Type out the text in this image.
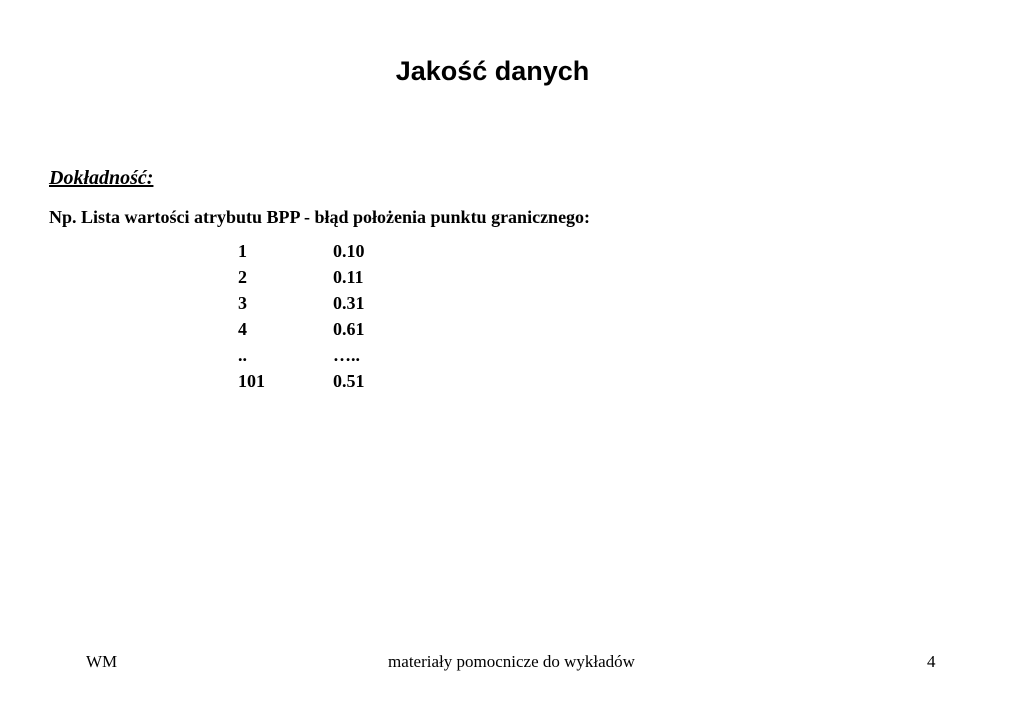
Jakość danych
Dokładność:
Np. Lista wartości atrybutu BPP - błąd położenia punktu granicznego:
1	0.10
2	0.11
3	0.31
4	0.61
..	…..
101	0.51
WM	materiały pomocnicze do wykładów	4
